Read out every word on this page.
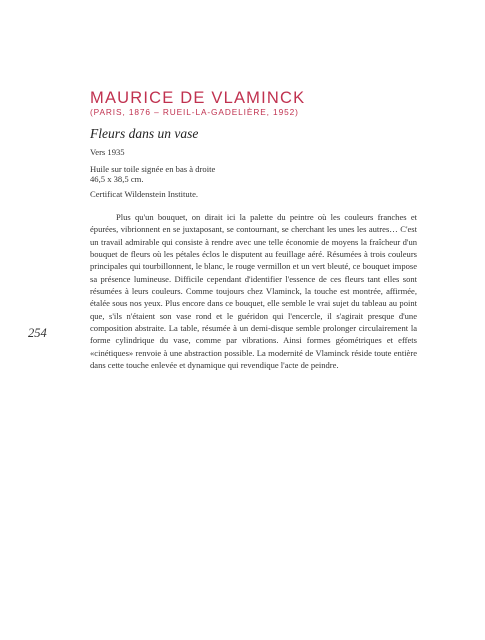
MAURICE DE VLAMINCK
(PARIS, 1876 – RUEIL-LA-GADELIÈRE, 1952)
Fleurs dans un vase
Vers 1935
Huile sur toile signée en bas à droite
46,5 x 38,5 cm.
Certificat Wildenstein Institute.

Plus qu'un bouquet, on dirait ici la palette du peintre où les couleurs franches et épurées, vibrionnent en se juxtaposant, se contournant, se cherchant les unes les autres… C'est un travail admirable qui consiste à rendre avec une telle économie de moyens la fraîcheur d'un bouquet de fleurs où les pétales éclos le disputent au feuillage aéré. Résumées à trois couleurs principales qui tourbillonnent, le blanc, le rouge vermillon et un vert bleuté, ce bouquet impose sa présence lumineuse. Difficile cependant d'identifier l'essence de ces fleurs tant elles sont résumées à leurs couleurs. Comme toujours chez Vlaminck, la touche est montrée, affirmée, étalée sous nos yeux. Plus encore dans ce bouquet, elle semble le vrai sujet du tableau au point que, s'ils n'étaient son vase rond et le guéridon qui l'encercle, il s'agirait presque d'une composition abstraite. La table, résumée à un demi-disque semble prolonger circulairement la forme cylindrique du vase, comme par vibrations. Ainsi formes géométriques et effets «cinétiques» renvoie à une abstraction possible. La modernité de Vlaminck réside toute entière dans cette touche enlevée et dynamique qui revendique l'acte de peindre.

254
